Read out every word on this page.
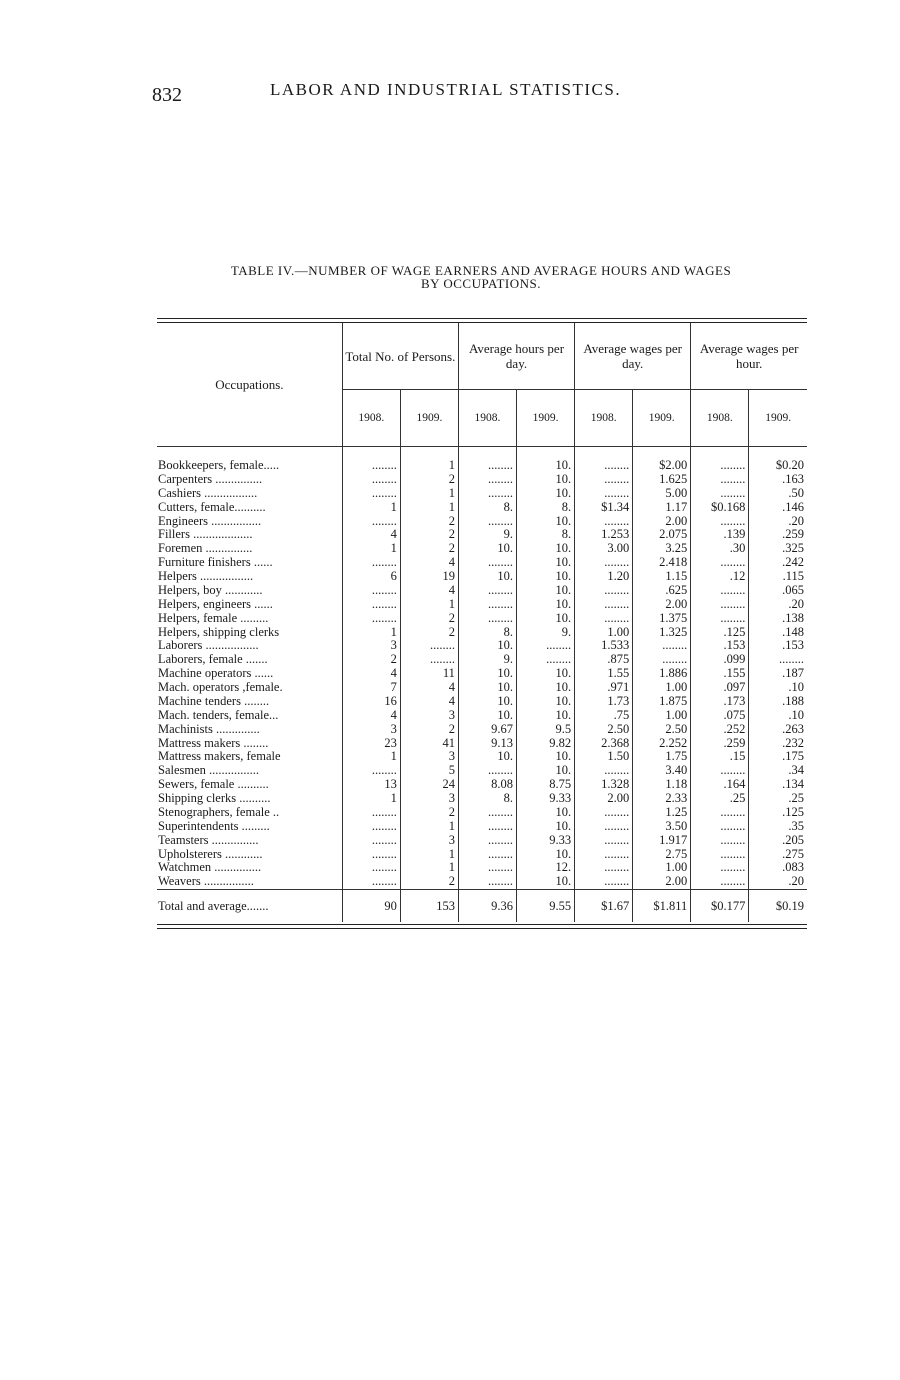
832	LABOR AND INDUSTRIAL STATISTICS.
TABLE IV.—NUMBER OF WAGE EARNERS AND AVERAGE HOURS AND WAGES
BY OCCUPATIONS.
Occupations.	Total No. of Persons.		Average hours per day.		Average wages per day.		Average wages per hour.	
	1908.	1909.	1908.	1909.	1908.	1909.	1908.	1909.

Bookkeepers, female.....	........	1	........	10.	........	$2.00	........	$0.20
Carpenters ...............	........	2	........	10.	........	1.625	........	.163
Cashiers .................	........	1	........	10.	........	5.00	........	.50
Cutters, female..........	1	1	8.	8.	$1.34	1.17	$0.168	.146
Engineers ................	........	2	........	10.	........	2.00	........	.20
Fillers ...................	4	2	9.	8.	1.253	2.075	.139	.259
Foremen ...............	1	2	10.	10.	3.00	3.25	.30	.325
Furniture finishers ......	........	4	........	10.	........	2.418	........	.242
Helpers .................	6	19	10.	10.	1.20	1.15	.12	.115
Helpers, boy ............	........	4	........	10.	........	.625	........	.065
Helpers, engineers ......	........	1	........	10.	........	2.00	........	.20
Helpers, female .........	........	2	........	10.	........	1.375	........	.138
Helpers, shipping clerks	1	2	8.	9.	1.00	1.325	.125	.148
Laborers .................	3	........	10.	........	1.533	........	.153	.153
Laborers, female .......	2	........	9.	........	.875	........	.099	........
Machine operators ......	4	11	10.	10.	1.55	1.886	.155	.187
Mach. operators ,female.	7	4	10.	10.	.971	1.00	.097	.10
Machine tenders ........	16	4	10.	10.	1.73	1.875	.173	.188
Mach. tenders, female...	4	3	10.	10.	.75	1.00	.075	.10
Machinists ..............	3	2	9.67	9.5	2.50	2.50	.252	.263
Mattress makers ........	23	41	9.13	9.82	2.368	2.252	.259	.232
Mattress makers, female	1	3	10.	10.	1.50	1.75	.15	.175
Salesmen ................	........	5	........	10.	........	3.40	........	.34
Sewers, female ..........	13	24	8.08	8.75	1.328	1.18	.164	.134
Shipping clerks ..........	1	3	8.	9.33	2.00	2.33	.25	.25
Stenographers, female ..	........	2	........	10.	........	1.25	........	.125
Superintendents .........	........	1	........	10.	........	3.50	........	.35
Teamsters ...............	........	3	........	9.33	........	1.917	........	.205
Upholsterers ............	........	1	........	10.	........	2.75	........	.275
Watchmen ...............	........	1	........	12.	........	1.00	........	.083
Weavers ................	........	2	........	10.	........	2.00	........	.20
Total and average.......	90	153	9.36	9.55	$1.67	$1.811	$0.177	$0.19
